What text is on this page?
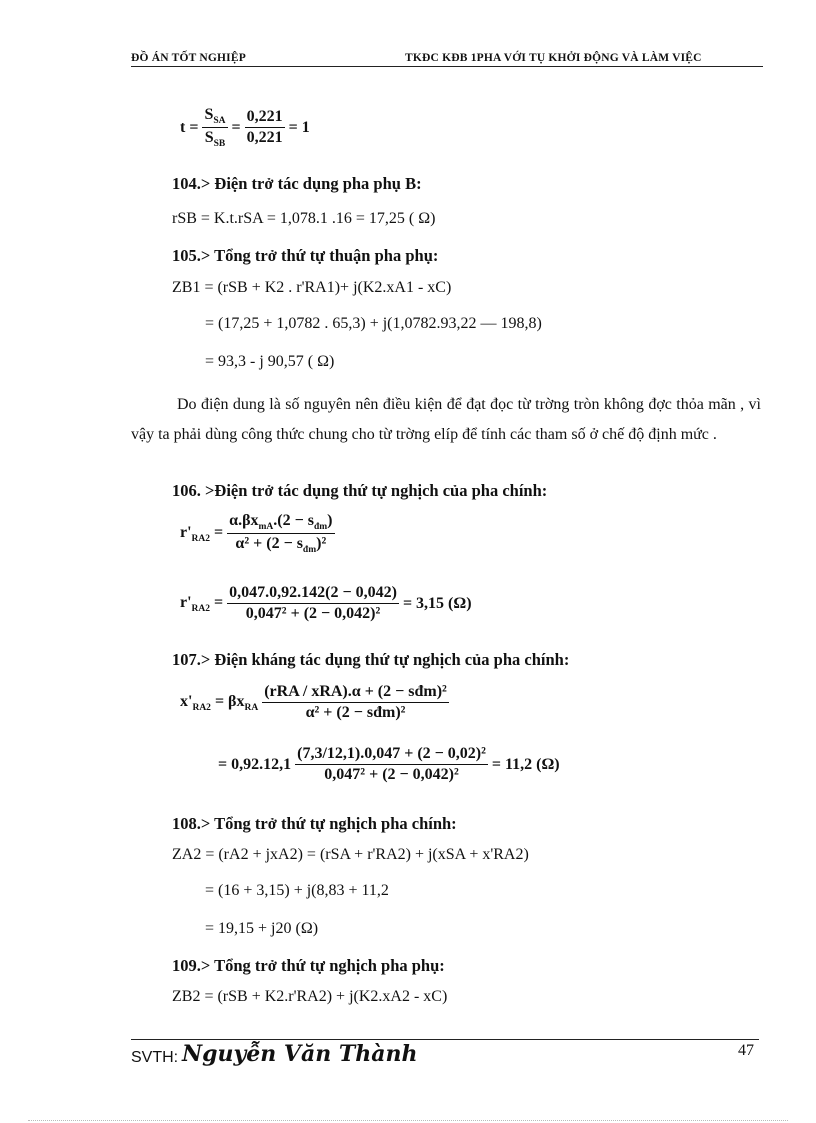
ĐỒ ÁN TỐT NGHIỆP	TKĐC KĐB 1PHA VỚI TỤ KHỞI ĐỘNG VÀ LÀM VIỆC
$t = \frac{S_{SA}}{S_{SB}} = \frac{0,221}{0,221} = 1$
104.> Điện trở tác dụng pha phụ B:
rSB = K.t.rSA = 1,078.1 .16 = 17,25 ( Ω)
105.> Tổng trở thứ tự thuận pha phụ:
ZB1 = (rSB + K2 . r'RA1)+ j(K2.xA1 - xC)
= (17,25 + 1,0782 . 65,3) + j(1,0782.93,22 — 198,8)
= 93,3 - j 90,57 ( Ω)
Do điện dung là số nguyên nên điều kiện để đạt đọc từ trờng tròn không đợc thỏa mãn , vì vậy ta phải dùng công thức chung cho từ trờng elíp để tính các tham số ở chế độ định mức .
106. >Điện trở tác dụng thứ tự nghịch của pha chính:
$r'_{RA2} = \frac{\alpha.\beta x_{mA}.(2 - s_{đm})}{\alpha^2 + (2 - s_{đm})^2}$
$r'_{RA2} = \frac{0,047.0,92.142(2 - 0,042)}{\text{0,047² + (2 − 0,042)²}} = 3,15$ (Ω)
107.> Điện kháng tác dụng thứ tự nghịch của pha chính:
$x'_{RA2} = \beta x_{RA} \frac{\text{(rRA / xRA).α + (2 − sđm)²}}{\text{α² + (2 − sđm)²}}$
= $0,92.12,1 \frac{\text{(7,3/12,1).0,047 + (2 − 0,02)²}}{\text{0,047² + (2 − 0,042)²}} = 11,2$ (Ω)
108.> Tổng trở thứ tự nghịch pha chính:
ZA2 = (rA2 + jxA2) = (rSA + r'RA2) + j(xSA + x'RA2)
= (16 + 3,15) + j(8,83 + 11,2
= 19,15 + j20 (Ω)
109.> Tổng trở thứ tự nghịch pha phụ:
ZB2 = (rSB + K2.r'RA2) + j(K2.xA2 - xC)
47
SVTH: Nguyễn Văn Thành
